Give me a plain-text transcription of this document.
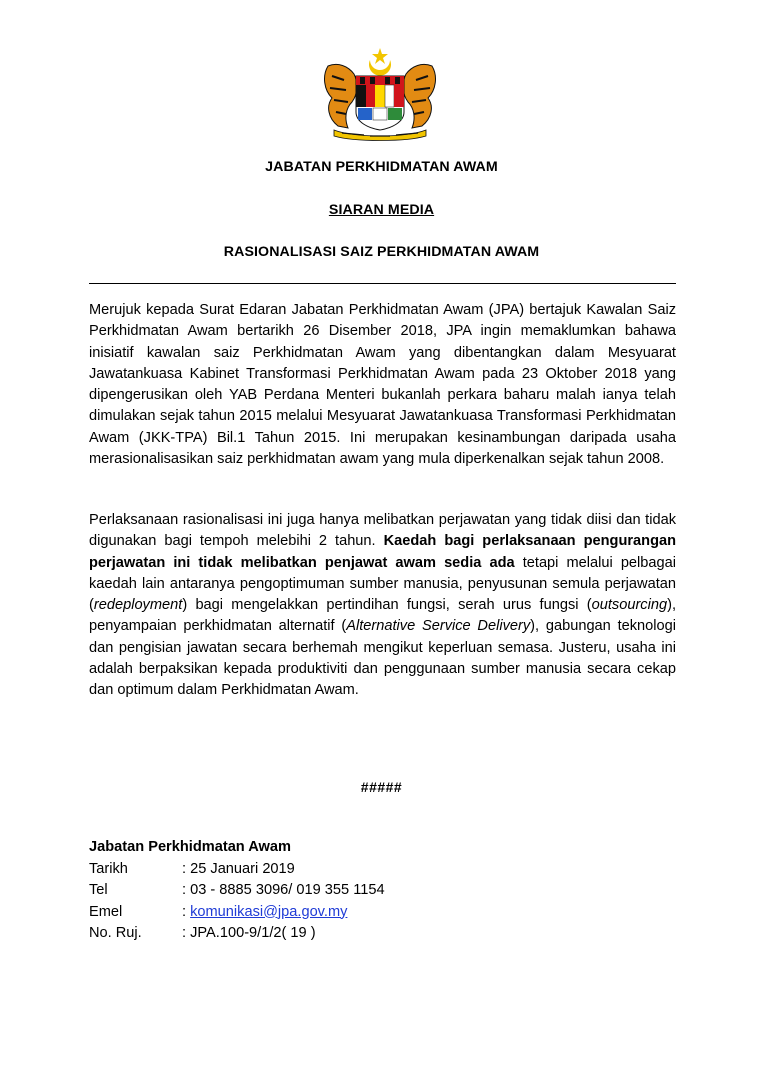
JABATAN PERKHIDMATAN AWAM
SIARAN MEDIA
RASIONALISASI SAIZ PERKHIDMATAN AWAM

Merujuk kepada Surat Edaran Jabatan Perkhidmatan Awam (JPA) bertajuk Kawalan Saiz Perkhidmatan Awam bertarikh 26 Disember 2018, JPA ingin memaklumkan bahawa inisiatif kawalan saiz Perkhidmatan Awam yang dibentangkan dalam Mesyuarat Jawatankuasa Kabinet Transformasi Perkhidmatan Awam pada 23 Oktober 2018 yang dipengerusikan oleh YAB Perdana Menteri bukanlah perkara baharu malah ianya telah dimulakan sejak tahun 2015 melalui Mesyuarat Jawatankuasa Transformasi Perkhidmatan Awam (JKK-TPA) Bil.1 Tahun 2015. Ini merupakan kesinambungan daripada usaha merasionalisasikan saiz perkhidmatan awam yang mula diperkenalkan sejak tahun 2008.

Perlaksanaan rasionalisasi ini juga hanya melibatkan perjawatan yang tidak diisi dan tidak digunakan bagi tempoh melebihi 2 tahun. Kaedah bagi perlaksanaan pengurangan perjawatan ini tidak melibatkan penjawat awam sedia ada tetapi melalui pelbagai kaedah lain antaranya pengoptimuman sumber manusia, penyusunan semula perjawatan (redeployment) bagi mengelakkan pertindihan fungsi, serah urus fungsi (outsourcing), penyampaian perkhidmatan alternatif (Alternative Service Delivery), gabungan teknologi dan pengisian jawatan secara berhemah mengikut keperluan semasa. Justeru, usaha ini adalah berpaksikan kepada produktiviti dan penggunaan sumber manusia secara cekap dan optimum dalam Perkhidmatan Awam.

#####
Jabatan Perkhidmatan Awam
Tarikh	: 25 Januari 2019
Tel	: 03 - 8885 3096/ 019 355 1154
Emel	: komunikasi@jpa.gov.my
No. Ruj.	: JPA.100-9/1/2( 19 )
